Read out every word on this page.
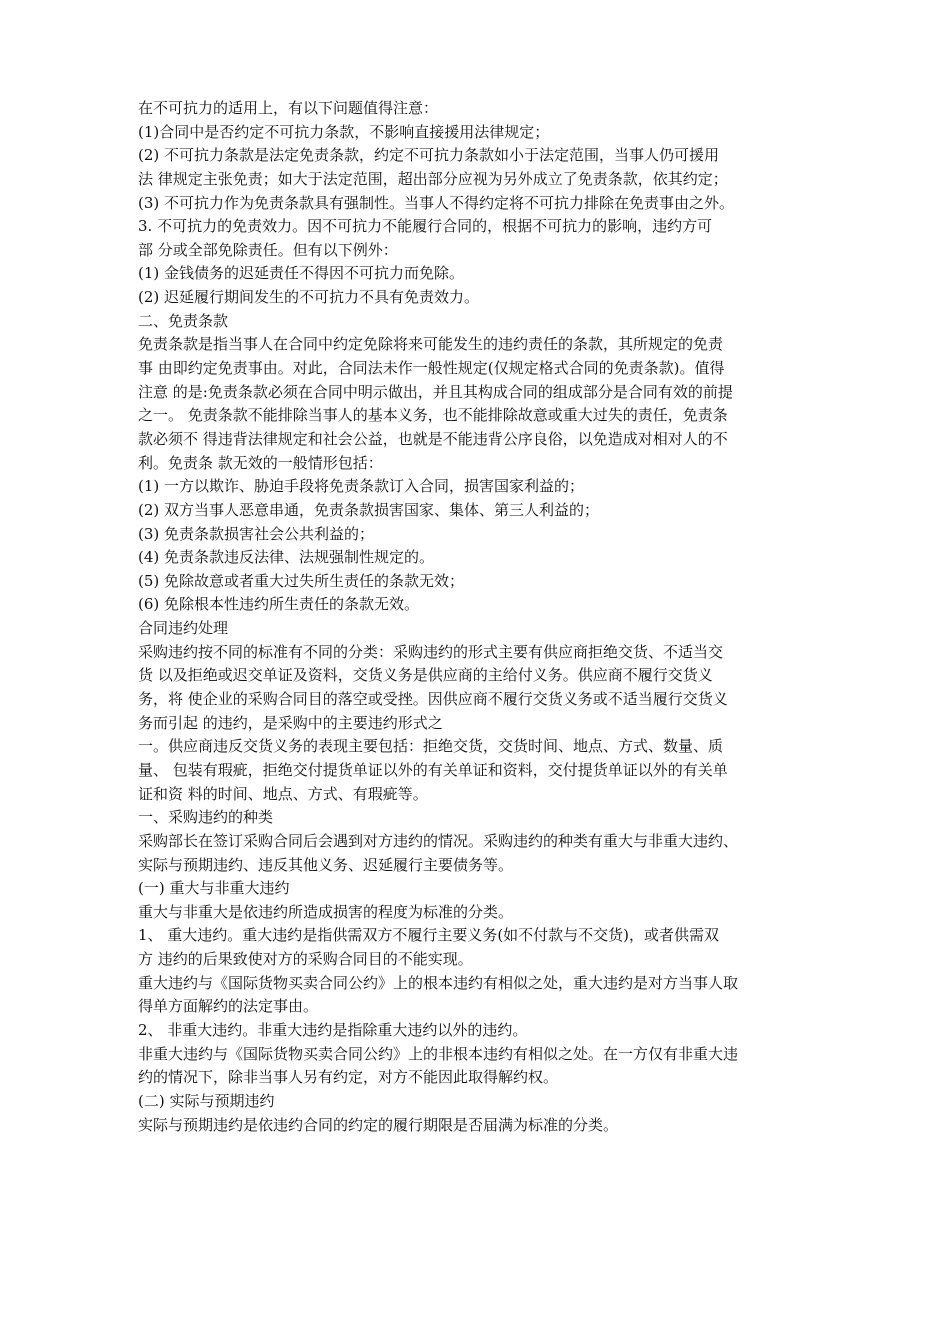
在不可抗力的适用上，有以下问题值得注意：
(1)合同中是否约定不可抗力条款，不影响直接援用法律规定；
(2) 不可抗力条款是法定免责条款，约定不可抗力条款如小于法定范围，当事人仍可援用
法 律规定主张免责；如大于法定范围，超出部分应视为另外成立了免责条款，依其约定；
(3) 不可抗力作为免责条款具有强制性。当事人不得约定将不可抗力排除在免责事由之外。
3. 不可抗力的免责效力。因不可抗力不能履行合同的，根据不可抗力的影响，违约方可
部 分或全部免除责任。但有以下例外：
(1) 金钱债务的迟延责任不得因不可抗力而免除。
(2) 迟延履行期间发生的不可抗力不具有免责效力。
二、免责条款
免责条款是指当事人在合同中约定免除将来可能发生的违约责任的条款，其所规定的免责
事 由即约定免责事由。对此，合同法未作一般性规定(仅规定格式合同的免责条款)。值得
注意 的是:免责条款必须在合同中明示做出，并且其构成合同的组成部分是合同有效的前提
之一。 免责条款不能排除当事人的基本义务，也不能排除故意或重大过失的责任，免责条
款必须不 得违背法律规定和社会公益，也就是不能违背公序良俗，以免造成对相对人的不
利。免责条 款无效的一般情形包括：
(1) 一方以欺诈、胁迫手段将免责条款订入合同，损害国家利益的；
(2) 双方当事人恶意串通，免责条款损害国家、集体、第三人利益的；
(3) 免责条款损害社会公共利益的；
(4) 免责条款违反法律、法规强制性规定的。
(5) 免除故意或者重大过失所生责任的条款无效；
(6) 免除根本性违约所生责任的条款无效。
合同违约处理
采购违约按不同的标准有不同的分类：采购违约的形式主要有供应商拒绝交货、不适当交
货 以及拒绝或迟交单证及资料，交货义务是供应商的主给付义务。供应商不履行交货义
务，将 使企业的采购合同目的落空或受挫。因供应商不履行交货义务或不适当履行交货义
务而引起 的违约，是采购中的主要违约形式之
一。供应商违反交货义务的表现主要包括：拒绝交货，交货时间、地点、方式、数量、质
量、 包装有瑕疵，拒绝交付提货单证以外的有关单证和资料，交付提货单证以外的有关单
证和资 料的时间、地点、方式、有瑕疵等。
一、采购违约的种类
采购部长在签订采购合同后会遇到对方违约的情况。采购违约的种类有重大与非重大违约、
实际与预期违约、违反其他义务、迟延履行主要债务等。
(一) 重大与非重大违约
重大与非重大是依违约所造成损害的程度为标准的分类。
1、 重大违约。重大违约是指供需双方不履行主要义务(如不付款与不交货)，或者供需双
方 违约的后果致使对方的采购合同目的不能实现。
重大违约与《国际货物买卖合同公约》上的根本违约有相似之处，重大违约是对方当事人取
得单方面解约的法定事由。
2、 非重大违约。非重大违约是指除重大违约以外的违约。
非重大违约与《国际货物买卖合同公约》上的非根本违约有相似之处。在一方仅有非重大违
约的情况下，除非当事人另有约定，对方不能因此取得解约权。
(二) 实际与预期违约
实际与预期违约是依违约合同的约定的履行期限是否届满为标准的分类。
